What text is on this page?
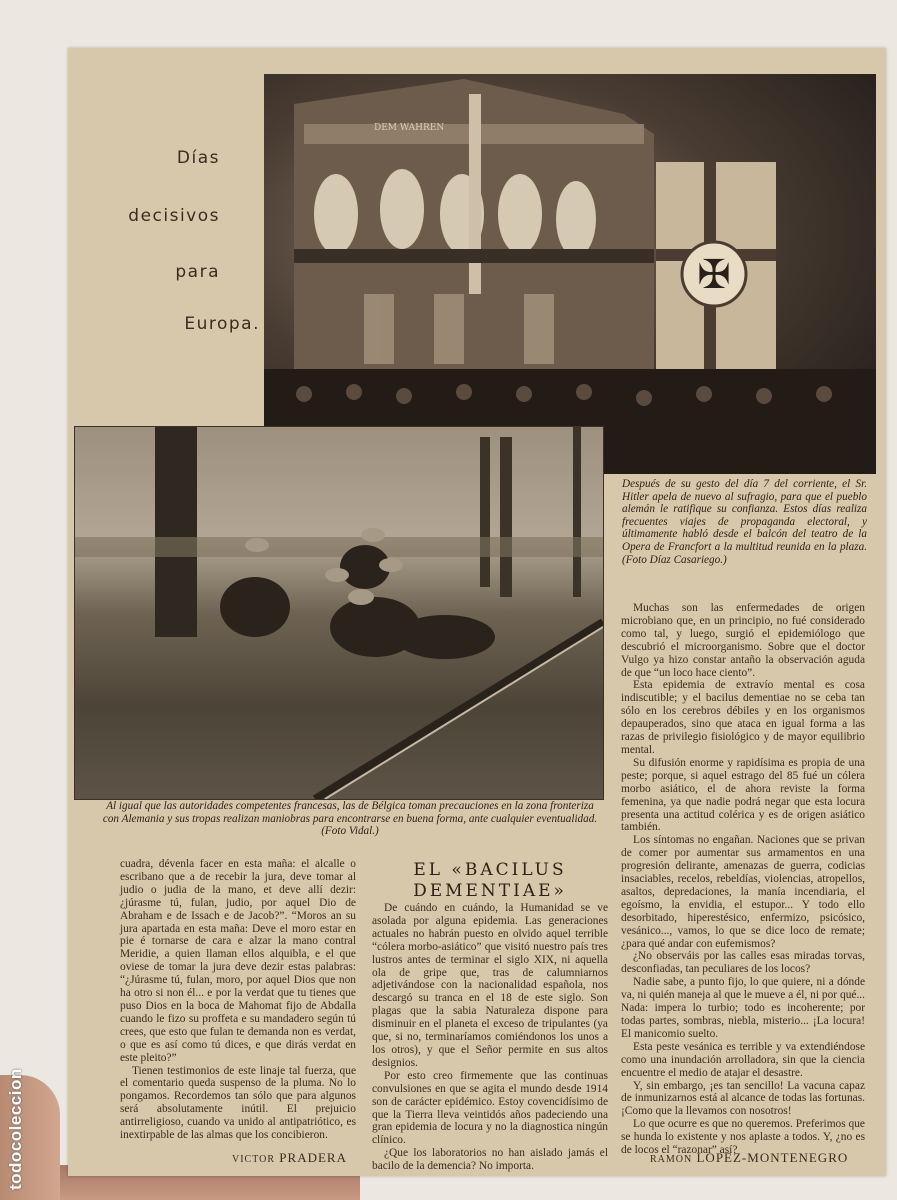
todocoleccion
Días
decisivos
para
Europa.
DEM WAHREN
✠
Después de su gesto del día 7 del corriente, el Sr. Hitler apela de nuevo al sufragio, para que el pueblo alemán le ratifique su confianza. Estos días realiza frecuentes viajes de propaganda electoral, y últimamente habló desde el balcón del teatro de la Opera de Francfort a la multitud reunida en la plaza. (Foto Díaz Casariego.)
Al igual que las autoridades competentes francesas, las de Bélgica toman precauciones en la zona fronteriza con Alemania y sus tropas realizan maniobras para encontrarse en buena forma, ante cualquier eventualidad. (Foto Vidal.)

cuadra, dévenla facer en esta maña: el alcalle o escribano que a de recebir la jura, deve tomar al judio o judia de la mano, et deve allí dezir: ¿júrasme tú, fulan, judio, por aquel Dio de Abraham e de Issach e de Jacob?”. “Moros an su jura apartada en esta maña: Deve el moro estar en pie é tornarse de cara e alzar la mano contral Meridie, a quien llaman ellos alquibla, e el que oviese de tomar la jura deve dezir estas palabras: “¿Júrasme tú, fulan, moro, por aquel Dios que non ha otro si non él... e por la verdat que tu tienes que puso Dios en la boca de Mahomat fijo de Abdalla cuando le fizo su proffeta e su mandadero según tú crees, que esto que fulan te demanda non es verdat, o que es así como tú dices, e que dirás verdat en este pleito?”

Tienen testimonios de este linaje tal fuerza, que el comentario queda suspenso de la pluma. No lo pongamos. Recordemos tan sólo que para algunos será absolutamente inútil. El prejuicio antirreligioso, cuando va unido al antipatriótico, es inextirpable de las almas que los concibieron.

VICTOR PRADERA
EL «BACILUS DEMENTIAE»

De cuándo en cuándo, la Humanidad se ve asolada por alguna epidemia. Las generaciones actuales no habrán puesto en olvido aquel terrible “cólera morbo-asiático” que visitó nuestro país tres lustros antes de terminar el siglo XIX, ni aquella ola de gripe que, tras de calumniarnos adjetivándose con la nacionalidad española, nos descargó su tranca en el 18 de este siglo. Son plagas que la sabia Naturaleza dispone para disminuir en el planeta el exceso de tripulantes (ya que, si no, terminaríamos comiéndonos los unos a los otros), y que el Señor permite en sus altos designios.

Por esto creo firmemente que las continuas convulsiones en que se agita el mundo desde 1914 son de carácter epidémico. Estoy covencidísimo de que la Tierra lleva veintidós años padeciendo una gran epidemia de locura y no la diagnostica ningún clínico.

¿Que los laboratorios no han aislado jamás el bacilo de la demencia? No importa.

Muchas son las enfermedades de origen microbiano que, en un principio, no fué considerado como tal, y luego, surgió el epidemiólogo que descubrió el microorganismo. Sobre que el doctor Vulgo ya hizo constar antaño la observación aguda de que “un loco hace ciento”.

Esta epidemia de extravío mental es cosa indiscutible; y el bacilus dementiae no se ceba tan sólo en los cerebros débiles y en los organismos depauperados, sino que ataca en igual forma a las razas de privilegio fisiológico y de mayor equilibrio mental.

Su difusión enorme y rapidísima es propia de una peste; porque, si aquel estrago del 85 fué un cólera morbo asiático, el de ahora reviste la forma femenina, ya que nadie podrá negar que esta locura presenta una actitud colérica y es de origen asiático también.

Los síntomas no engañan. Naciones que se privan de comer por aumentar sus armamentos en una progresión delirante, amenazas de guerra, codicias insaciables, recelos, rebeldías, violencias, atropellos, asaltos, depredaciones, la manía incendiaria, el egoísmo, la envidia, el estupor... Y todo ello desorbitado, hiperestésico, enfermizo, psicósico, vesánico..., vamos, lo que se dice loco de remate; ¿para qué andar con eufemismos?

¿No observáis por las calles esas miradas torvas, desconfiadas, tan peculiares de los locos?

Nadie sabe, a punto fijo, lo que quiere, ni a dónde va, ni quién maneja al que le mueve a él, ni por qué... Nada: impera lo turbio; todo es incoherente; por todas partes, sombras, niebla, misterio... ¡La locura! El manicomio suelto.

Esta peste vesánica es terrible y va extendiéndose como una inundación arrolladora, sin que la ciencia encuentre el medio de atajar el desastre.

Y, sin embargo, ¡es tan sencillo! La vacuna capaz de inmunizarnos está al alcance de todas las fortunas. ¡Como que la llevamos con nosotros!

Lo que ocurre es que no queremos. Preferimos que se hunda lo existente y nos aplaste a todos. Y, ¿no es de locos el “razonar” así?

RAMON LOPEZ-MONTENEGRO
